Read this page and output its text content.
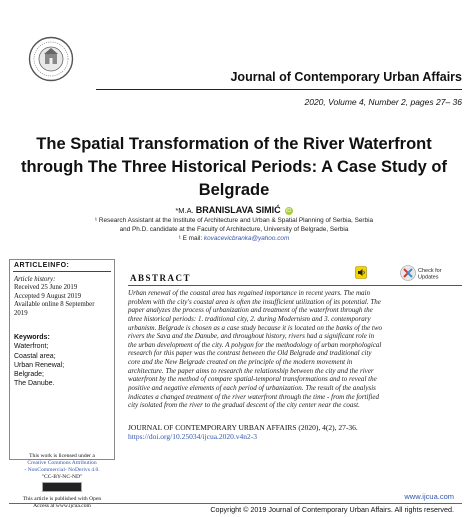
Journal of Contemporary Urban Affairs
2020, Volume 4, Number 2, pages 27– 36
The Spatial Transformation of the River Waterfront
through The Three Historical Periods: A Case Study of
Belgrade
*M.A. BRANISLAVA SIMIĆ iD
¹ Research Assistant at the Institute of Architecture and Urban & Spatial Planning of Serbia, Serbia
and Ph.D. candidate at the Faculty of Architecture, University of Belgrade, Serbia
¹ E mail: kovacevicbranka@yahoo.com
ARTICLEINFO:
Article history:
Received 25 June 2019
Accepted 9 August 2019
Available online 8 September
2019
Keywords:
Waterfront;
Coastal area;
Urban Renewal;
Belgrade;
The Danube.
This work is licensed under a
Creative Commons Attribution
- NonCommercial- NoDerivs 4.0.
"CC-BY-NC-ND"
This article is published with Open
Access at www.ijcua.com
ABSTRACT
Check for
Updates
Urban renewal of the coastal area has regained importance in recent years. The main
problem with the city's coastal area is often the insufficient utilization of its potential. The
paper analyzes the process of urbanization and treatment of the waterfront through the
three historical periods: 1. traditional city, 2. during Modernism and 3. contemporary
urbanism. Belgrade is chosen as a case study because it is located on the banks of the two
rivers the Sava and the Danube, and throughout history, rivers had a significant role in
the urban development of the city. A polygon for the methodology of urban morphological
research for this paper was the contrast between the Old Belgrade and traditional city
core and the New Belgrade created on the principle of the modern movement in
architecture. The paper aims to research the relationship between the city and the river
waterfront by the method of compare spatial-temporal transformations and to reveal the
positive and negative elements of each period of urbanization. The result of the analysis
indicates a changed treatment of the river waterfront through the time - from the fortified
city isolated from the river to the gradual descent of the city center near the coast.
JOURNAL OF CONTEMPORARY URBAN AFFAIRS (2020), 4(2), 27-36.
https://doi.org/10.25034/ijcua.2020.v4n2-3
www.ijcua.com
Copyright © 2019 Journal of Contemporary Urban Affairs. All rights reserved.
